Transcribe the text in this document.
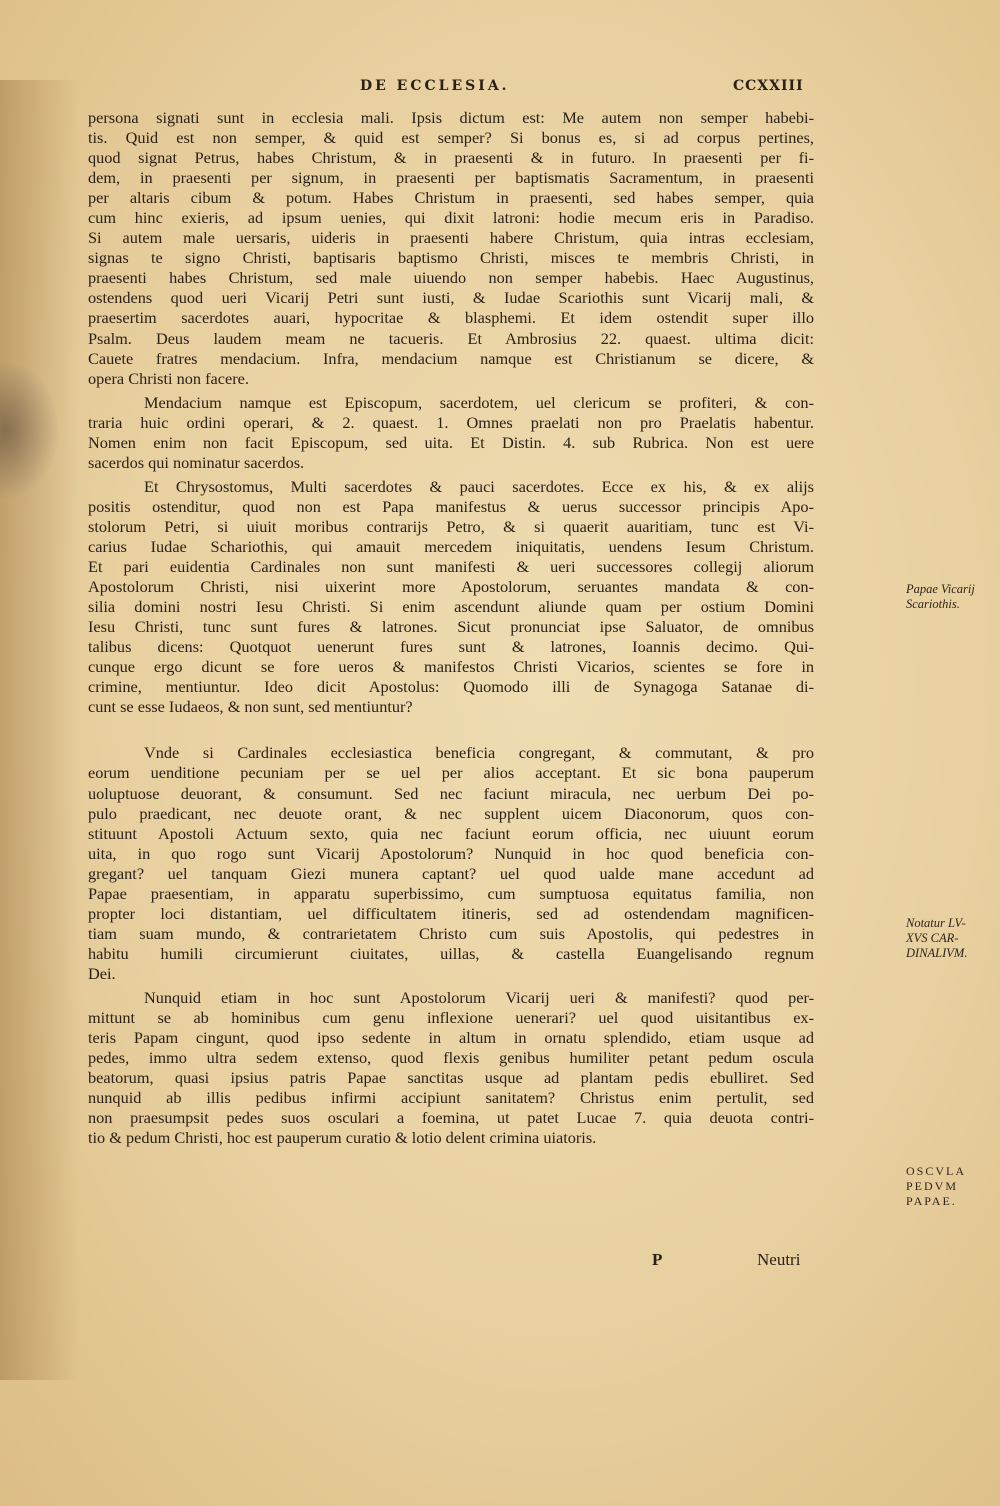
DE ECCLESIA.	CCXXIII

persona signati sunt in ecclesia mali. Ipsis dictum est: Me autem non semper habebi-

tis. Quid est non semper, & quid est semper? Si bonus es, si ad corpus pertines,

quod signat Petrus, habes Christum, & in praesenti & in futuro. In praesenti per fi-

dem, in praesenti per signum, in praesenti per baptismatis Sacramentum, in praesenti

per altaris cibum & potum. Habes Christum in praesenti, sed habes semper, quia

cum hinc exieris, ad ipsum uenies, qui dixit latroni: hodie mecum eris in Paradiso.

Si autem male uersaris, uideris in praesenti habere Christum, quia intras ecclesiam,

signas te signo Christi, baptisaris baptismo Christi, misces te membris Christi, in

praesenti habes Christum, sed male uiuendo non semper habebis. Haec Augustinus,

ostendens quod ueri Vicarij Petri sunt iusti, & Iudae Scariothis sunt Vicarij mali, &

praesertim sacerdotes auari, hypocritae & blasphemi. Et idem ostendit super illo

Psalm. Deus laudem meam ne tacueris. Et Ambrosius 22. quaest. ultima dicit:

Cauete fratres mendacium. Infra, mendacium namque est Christianum se dicere, &

opera Christi non facere.

Mendacium namque est Episcopum, sacerdotem, uel clericum se profiteri, & con-

traria huic ordini operari, & 2. quaest. 1. Omnes praelati non pro Praelatis habentur.

Nomen enim non facit Episcopum, sed uita. Et Distin. 4. sub Rubrica. Non est uere

sacerdos qui nominatur sacerdos.

Et Chrysostomus, Multi sacerdotes & pauci sacerdotes. Ecce ex his, & ex alijs

positis ostenditur, quod non est Papa manifestus & uerus successor principis Apo-

stolorum Petri, si uiuit moribus contrarijs Petro, & si quaerit auaritiam, tunc est Vi-

carius Iudae Schariothis, qui amauit mercedem iniquitatis, uendens Iesum Christum.

Et pari euidentia Cardinales non sunt manifesti & ueri successores collegij aliorum

Apostolorum Christi, nisi uixerint more Apostolorum, seruantes mandata & con-

silia domini nostri Iesu Christi. Si enim ascendunt aliunde quam per ostium Domini

Iesu Christi, tunc sunt fures & latrones. Sicut pronunciat ipse Saluator, de omnibus

talibus dicens: Quotquot uenerunt fures sunt & latrones, Ioannis decimo. Qui-

cunque ergo dicunt se fore ueros & manifestos Christi Vicarios, scientes se fore in

crimine, mentiuntur. Ideo dicit Apostolus: Quomodo illi de Synagoga Satanae di-

cunt se esse Iudaeos, & non sunt, sed mentiuntur?

Vnde si Cardinales ecclesiastica beneficia congregant, & commutant, & pro

eorum uenditione pecuniam per se uel per alios acceptant. Et sic bona pauperum

uoluptuose deuorant, & consumunt. Sed nec faciunt miracula, nec uerbum Dei po-

pulo praedicant, nec deuote orant, & nec supplent uicem Diaconorum, quos con-

stituunt Apostoli Actuum sexto, quia nec faciunt eorum officia, nec uiuunt eorum

uita, in quo rogo sunt Vicarij Apostolorum? Nunquid in hoc quod beneficia con-

gregant? uel tanquam Giezi munera captant? uel quod ualde mane accedunt ad

Papae praesentiam, in apparatu superbissimo, cum sumptuosa equitatus familia, non

propter loci distantiam, uel difficultatem itineris, sed ad ostendendam magnificen-

tiam suam mundo, & contrarietatem Christo cum suis Apostolis, qui pedestres in

habitu humili circumierunt ciuitates, uillas, & castella Euangelisando regnum

Dei.

Nunquid etiam in hoc sunt Apostolorum Vicarij ueri & manifesti? quod per-

mittunt se ab hominibus cum genu inflexione uenerari? uel quod uisitantibus ex-

teris Papam cingunt, quod ipso sedente in altum in ornatu splendido, etiam usque ad

pedes, immo ultra sedem extenso, quod flexis genibus humiliter petant pedum oscula

beatorum, quasi ipsius patris Papae sanctitas usque ad plantam pedis ebulliret. Sed

nunquid ab illis pedibus infirmi accipiunt sanitatem? Christus enim pertulit, sed

non praesumpsit pedes suos osculari a foemina, ut patet Lucae 7. quia deuota contri-

tio & pedum Christi, hoc est pauperum curatio & lotio delent crimina uiatoris.

Papae Vicarij
Scariothis.
Notatur LV-
XVS CAR-
DINALIVM.
OSCVLA
PEDVM
PAPAE.
P	Neutri
